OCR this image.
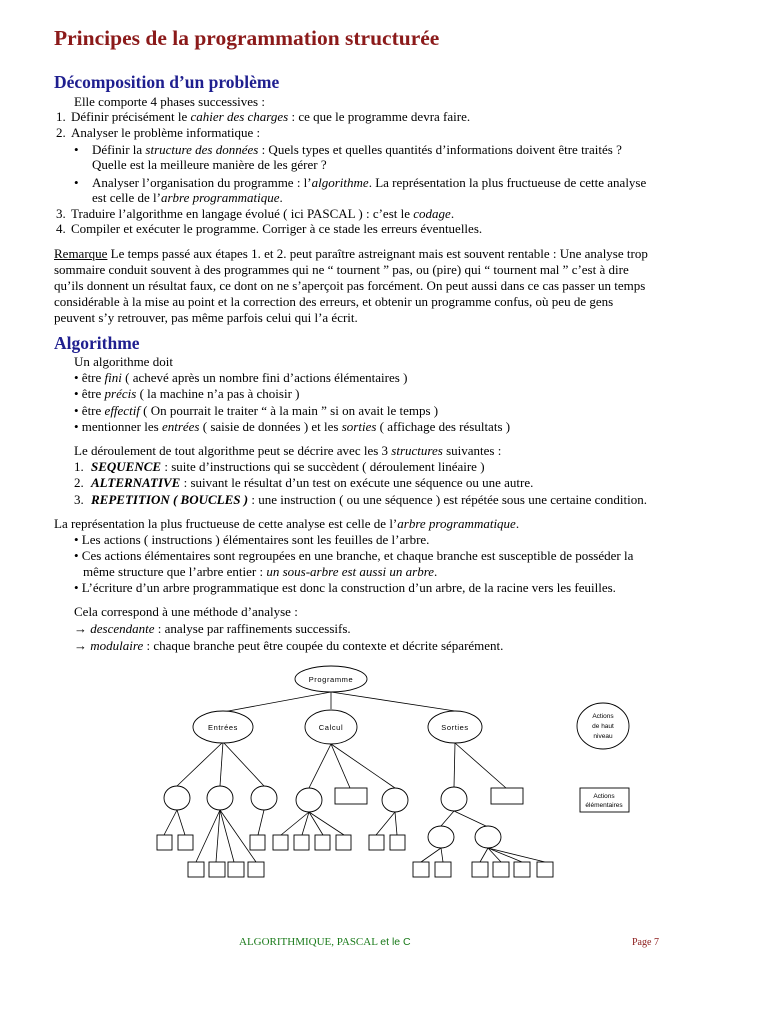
Principes de la programmation structurée
Décomposition d’un problème

Elle comporte 4 phases successives :

1. Définir précisément le cahier des charges : ce que le programme devra faire.

2. Analyser le problème informatique :

• Définir la structure des données : Quels types et quelles quantités d’informations doivent être traités ?

Quelle est la meilleure manière de les gérer ?

• Analyser l’organisation du programme : l’algorithme. La représentation la plus fructueuse de cette analyse

est celle de l’arbre programmatique.

3. Traduire l’algorithme en langage évolué ( ici PASCAL ) : c’est le codage.

4. Compiler et exécuter le programme. Corriger à ce stade les erreurs éventuelles.

Remarque Le temps passé aux étapes 1. et 2. peut paraître astreignant mais est souvent rentable : Une analyse trop

sommaire conduit souvent à des programmes qui ne “ tournent ” pas, ou (pire) qui “ tournent mal ” c’est à dire

qu’ils donnent un résultat faux, ce dont on ne s’aperçoit pas forcément. On peut aussi dans ce cas passer un temps

considérable à la mise au point et la correction des erreurs, et obtenir un programme confus, où peu de gens

peuvent s’y retrouver, pas même parfois celui qui l’a écrit.

Algorithme

Un algorithme doit

• être fini ( achevé après un nombre fini d’actions élémentaires )

• être précis ( la machine n’a pas à choisir )

• être effectif ( On pourrait le traiter “ à la main ” si on avait le temps )

• mentionner les entrées ( saisie de données ) et les sorties ( affichage des résultats )

Le déroulement de tout algorithme peut se décrire avec les 3 structures suivantes :

1. SEQUENCE : suite d’instructions qui se succèdent ( déroulement linéaire )

2. ALTERNATIVE : suivant le résultat d’un test on exécute une séquence ou une autre.

3. REPETITION ( BOUCLES ) : une instruction ( ou une séquence ) est répétée sous une certaine condition.

La représentation la plus fructueuse de cette analyse est celle de l’arbre programmatique.

• Les actions ( instructions ) élémentaires sont les feuilles de l’arbre.

• Ces actions élémentaires sont regroupées en une branche, et chaque branche est susceptible de posséder la

même structure que l’arbre entier : un sous-arbre est aussi un arbre.

• L’écriture d’un arbre programmatique est donc la construction d’un arbre, de la racine vers les feuilles.

Cela correspond à une méthode d’analyse :

→ descendante : analyse par raffinements successifs.

→ modulaire : chaque branche peut être coupée du contexte et décrite séparément.

Programme
Entrées	Calcul	Sorties
Actions
de haut
niveau
Actions
élémentaires
ALGORITHMIQUE, PASCAL et le C	Page 7
